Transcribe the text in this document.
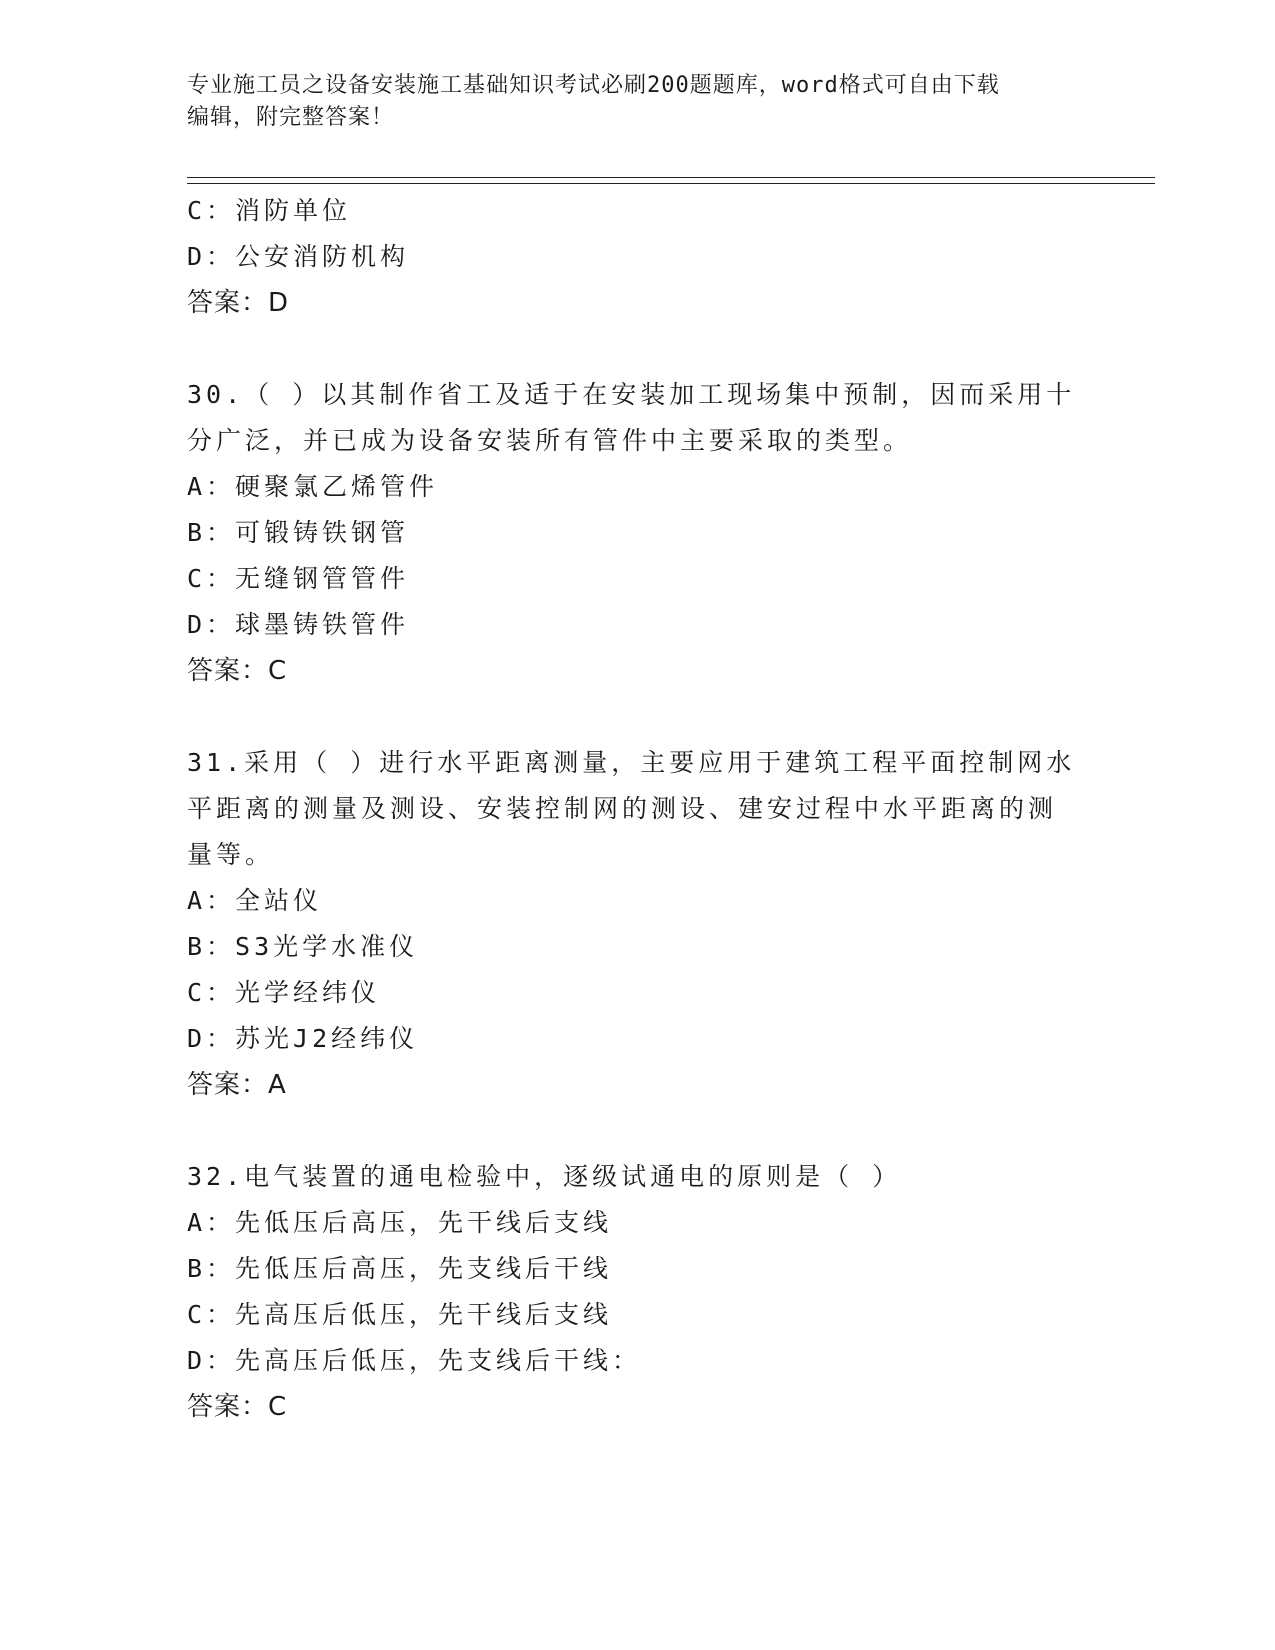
专业施工员之设备安装施工基础知识考试必刷200题题库，word格式可自由下载
编辑，附完整答案！

C：消防单位

D：公安消防机构

答案：D

30.（ ）以其制作省工及适于在安装加工现场集中预制，因而采用十

分广泛，并已成为设备安装所有管件中主要采取的类型。

A：硬聚氯乙烯管件

B：可锻铸铁钢管

C：无缝钢管管件

D：球墨铸铁管件

答案：C

31.采用（ ）进行水平距离测量，主要应用于建筑工程平面控制网水

平距离的测量及测设、安装控制网的测设、建安过程中水平距离的测

量等。

A：全站仪

B：S3光学水准仪

C：光学经纬仪

D：苏光J2经纬仪

答案：A

32.电气装置的通电检验中，逐级试通电的原则是（ ）

A：先低压后高压，先干线后支线

B：先低压后高压，先支线后干线

C：先高压后低压，先干线后支线

D：先高压后低压，先支线后干线：

答案：C
